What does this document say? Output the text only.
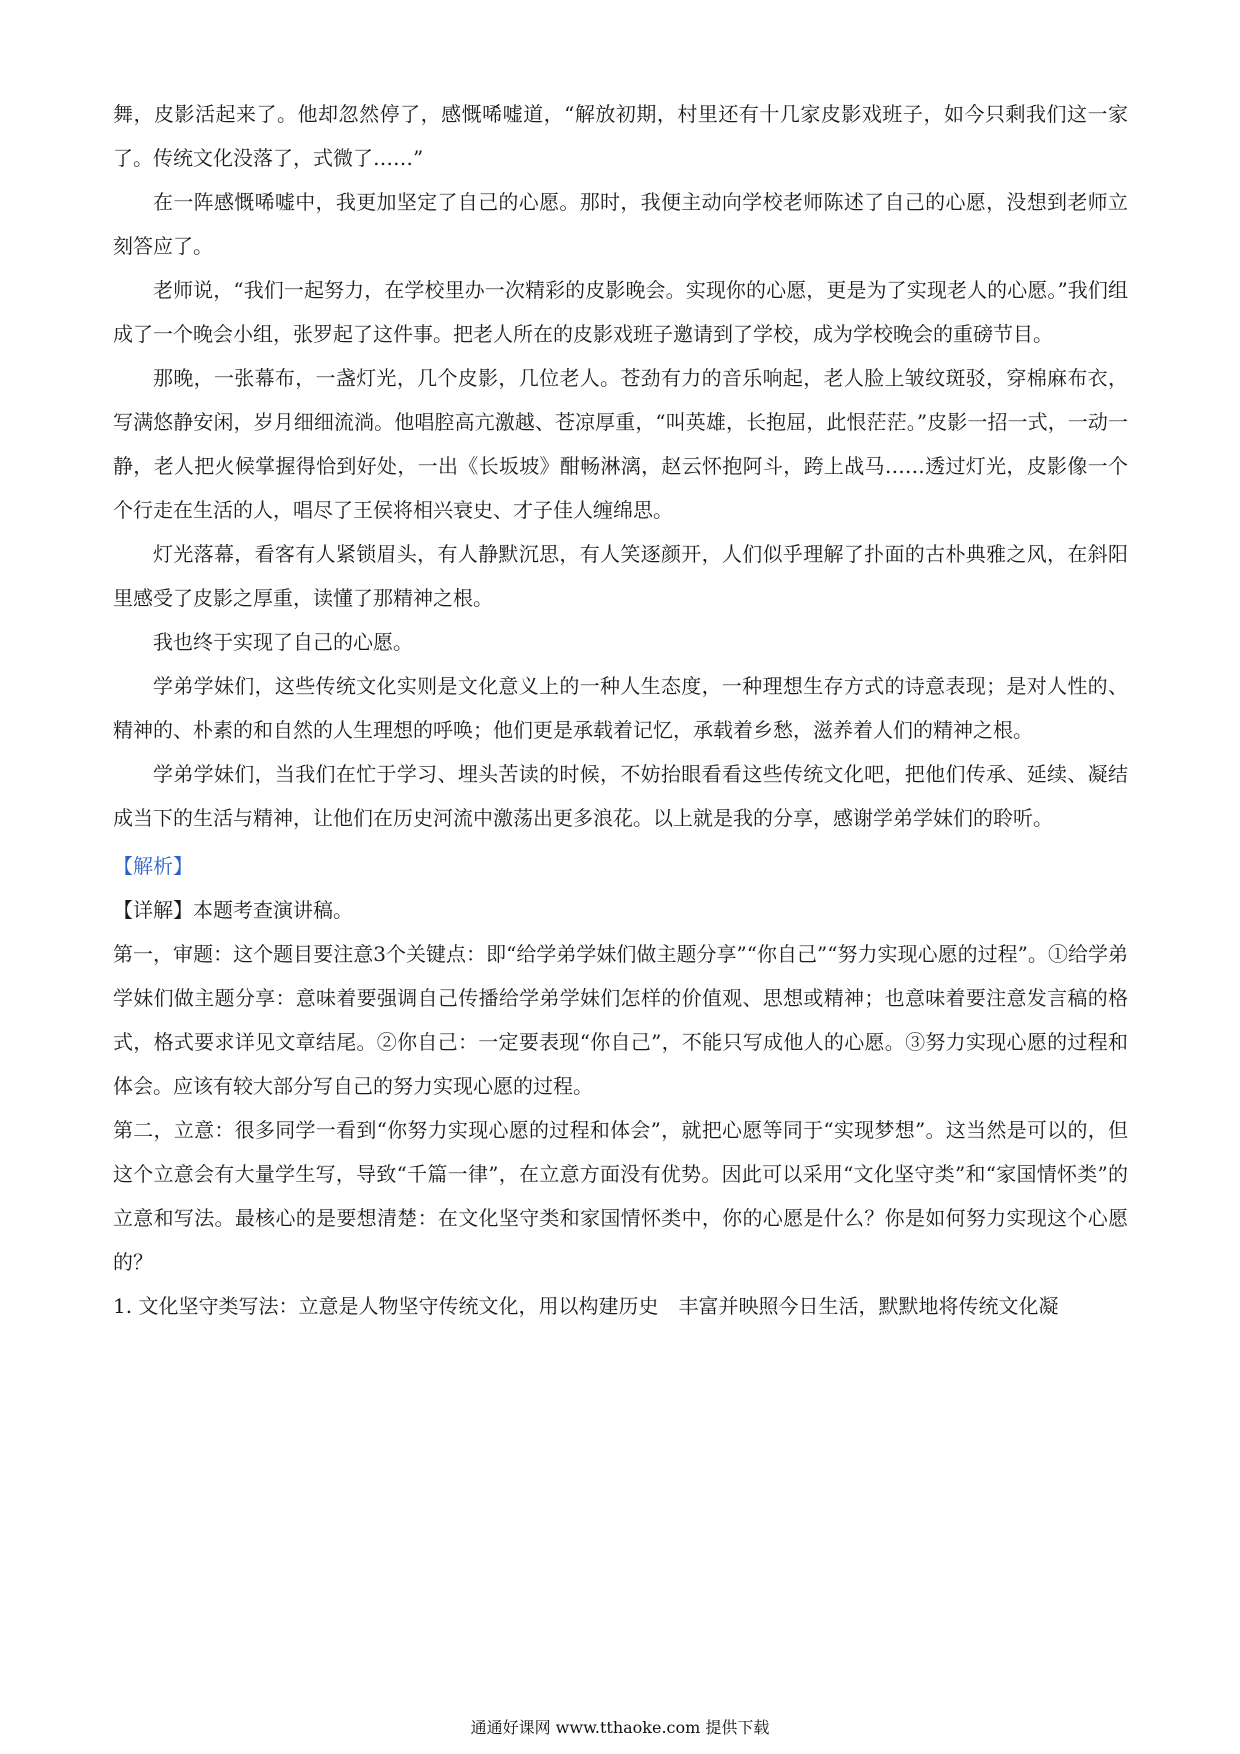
舞，皮影活起来了。他却忽然停了，感慨唏嘘道，“解放初期，村里还有十几家皮影戏班子，如今只剩我们这一家了。传统文化没落了，式微了……”

在一阵感慨唏嘘中，我更加坚定了自己的心愿。那时，我便主动向学校老师陈述了自己的心愿，没想到老师立刻答应了。

老师说，“我们一起努力，在学校里办一次精彩的皮影晚会。实现你的心愿，更是为了实现老人的心愿。”我们组成了一个晚会小组，张罗起了这件事。把老人所在的皮影戏班子邀请到了学校，成为学校晚会的重磅节目。

那晚，一张幕布，一盏灯光，几个皮影，几位老人。苍劲有力的音乐响起，老人脸上皱纹斑驳，穿棉麻布衣，写满悠静安闲，岁月细细流淌。他唱腔高亢激越、苍凉厚重，“叫英雄，长抱屈，此恨茫茫。”皮影一招一式，一动一静，老人把火候掌握得恰到好处，一出《长坂坡》酣畅淋漓，赵云怀抱阿斗，跨上战马……透过灯光，皮影像一个个行走在生活的人，唱尽了王侯将相兴衰史、才子佳人缠绵思。

灯光落幕，看客有人紧锁眉头，有人静默沉思，有人笑逐颜开，人们似乎理解了扑面的古朴典雅之风，在斜阳里感受了皮影之厚重，读懂了那精神之根。

我也终于实现了自己的心愿。

学弟学妹们，这些传统文化实则是文化意义上的一种人生态度，一种理想生存方式的诗意表现；是对人性的、精神的、朴素的和自然的人生理想的呼唤；他们更是承载着记忆，承载着乡愁，滋养着人们的精神之根。

学弟学妹们，当我们在忙于学习、埋头苦读的时候，不妨抬眼看看这些传统文化吧，把他们传承、延续、凝结成当下的生活与精神，让他们在历史河流中激荡出更多浪花。以上就是我的分享，感谢学弟学妹们的聆听。

【解析】

【详解】本题考查演讲稿。

第一，审题：这个题目要注意3个关键点：即“给学弟学妹们做主题分享”“你自己”“努力实现心愿的过程”。①给学弟学妹们做主题分享：意味着要强调自己传播给学弟学妹们怎样的价值观、思想或精神；也意味着要注意发言稿的格式，格式要求详见文章结尾。②你自己：一定要表现“你自己”，不能只写成他人的心愿。③努力实现心愿的过程和体会。应该有较大部分写自己的努力实现心愿的过程。

第二，立意：很多同学一看到“你努力实现心愿的过程和体会”，就把心愿等同于“实现梦想”。这当然是可以的，但这个立意会有大量学生写，导致“千篇一律”，在立意方面没有优势。因此可以采用“文化坚守类”和“家国情怀类”的立意和写法。最核心的是要想清楚：在文化坚守类和家国情怀类中，你的心愿是什么？你是如何努力实现这个心愿的？

1. 文化坚守类写法：立意是人物坚守传统文化，用以构建历史　丰富并映照今日生活，默默地将传统文化凝

通通好课网 www.tthaoke.com 提供下载
